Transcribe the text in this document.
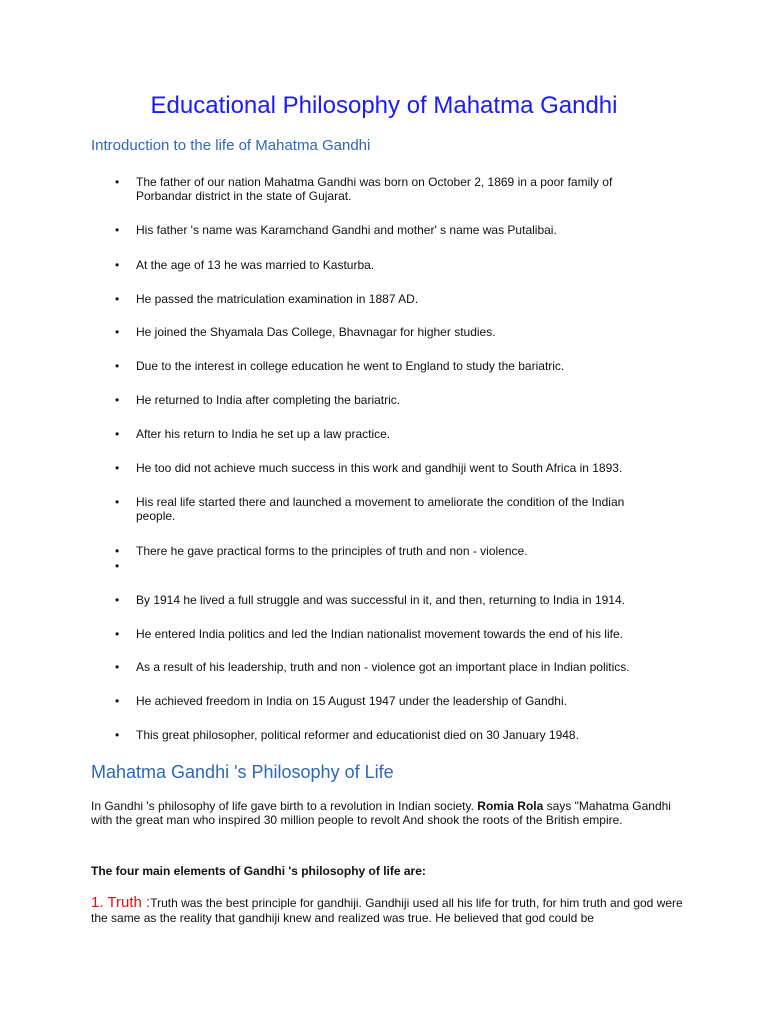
Educational Philosophy of Mahatma Gandhi
Introduction to the life of Mahatma Gandhi
• The father of our nation Mahatma Gandhi was born on October 2, 1869 in a poor family of Porbandar district in the state of Gujarat.
• His father 's name was Karamchand Gandhi and mother' s name was Putalibai.
• At the age of 13 he was married to Kasturba.
• He passed the matriculation examination in 1887 AD.
• He joined the Shyamala Das College, Bhavnagar for higher studies.
• Due to the interest in college education he went to England to study the bariatric.
• He returned to India after completing the bariatric.
• After his return to India he set up a law practice.
• He too did not achieve much success in this work and gandhiji went to South Africa in 1893.
• His real life started there and launched a movement to ameliorate the condition of the Indian people.
• There he gave practical forms to the principles of truth and non - violence.
•
• By 1914 he lived a full struggle and was successful in it, and then, returning to India in 1914.
• He entered India politics and led the Indian nationalist movement towards the end of his life.
• As a result of his leadership, truth and non - violence got an important place in Indian politics.
• He achieved freedom in India on 15 August 1947 under the leadership of Gandhi.
• This great philosopher, political reformer and educationist died on 30 January 1948.
Mahatma Gandhi 's Philosophy of Life

In Gandhi 's philosophy of life gave birth to a revolution in Indian society. Romia Rola says "Mahatma Gandhi with the great man who inspired 30 million people to revolt And shook the roots of the British empire.

The four main elements of Gandhi 's philosophy of life are:

1. Truth :Truth was the best principle for gandhiji. Gandhiji used all his life for truth, for him truth and god were the same as the reality that gandhiji knew and realized was true. He believed that god could be
